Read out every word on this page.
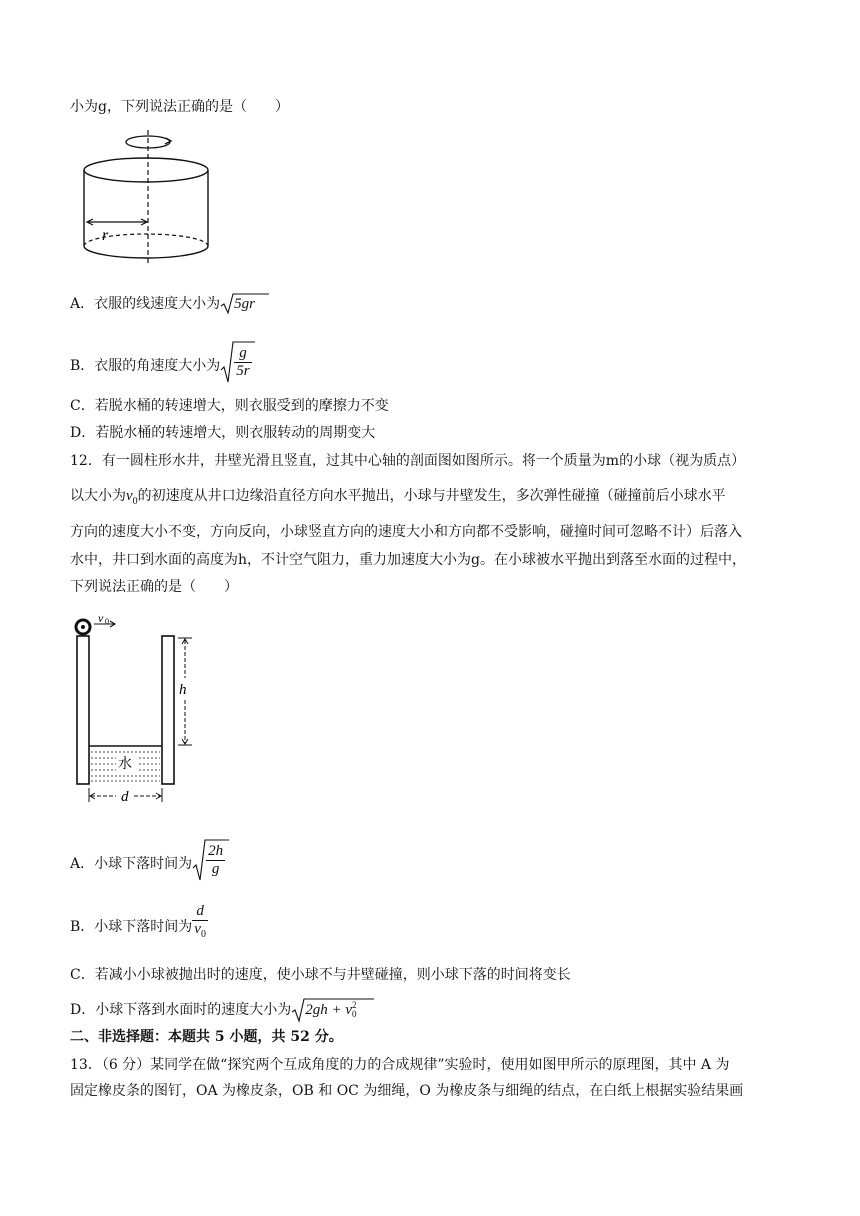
小为g，下列说法正确的是（　　）
r
A．衣服的线速度大小为 5gr
B．衣服的角速度大小为 $\frac{g}{5r}$
C．若脱水桶的转速增大，则衣服受到的摩擦力不变
D．若脱水桶的转速增大，则衣服转动的周期变大
12．有一圆柱形水井，井壁光滑且竖直，过其中心轴的剖面图如图所示。将一个质量为m的小球（视为质点）
以大小为$v_0$的初速度从井口边缘沿直径方向水平抛出，小球与井壁发生，多次弹性碰撞（碰撞前后小球水平
方向的速度大小不变，方向反向，小球竖直方向的速度大小和方向都不受影响，碰撞时间可忽略不计）后落入
水中，井口到水面的高度为h，不计空气阻力，重力加速度大小为g。在小球被水平抛出到落至水面的过程中，
下列说法正确的是（　　）
v 0
水
h
d
A．小球下落时间为 $\frac{2h}{g}$
B．小球下落时间为 $\frac{d}{v_0}$
C．若减小小球被抛出时的速度，使小球不与井壁碰撞，则小球下落的时间将变长
D．小球下落到水面时的速度大小为 2gh + v 2
0
二、非选择题：本题共 5 小题，共 52 分。
13．（6 分）某同学在做“探究两个互成角度的力的合成规律”实验时，使用如图甲所示的原理图，其中 A 为
固定橡皮条的图钉，OA 为橡皮条，OB 和 OC 为细绳，O 为橡皮条与细绳的结点，在白纸上根据实验结果画
